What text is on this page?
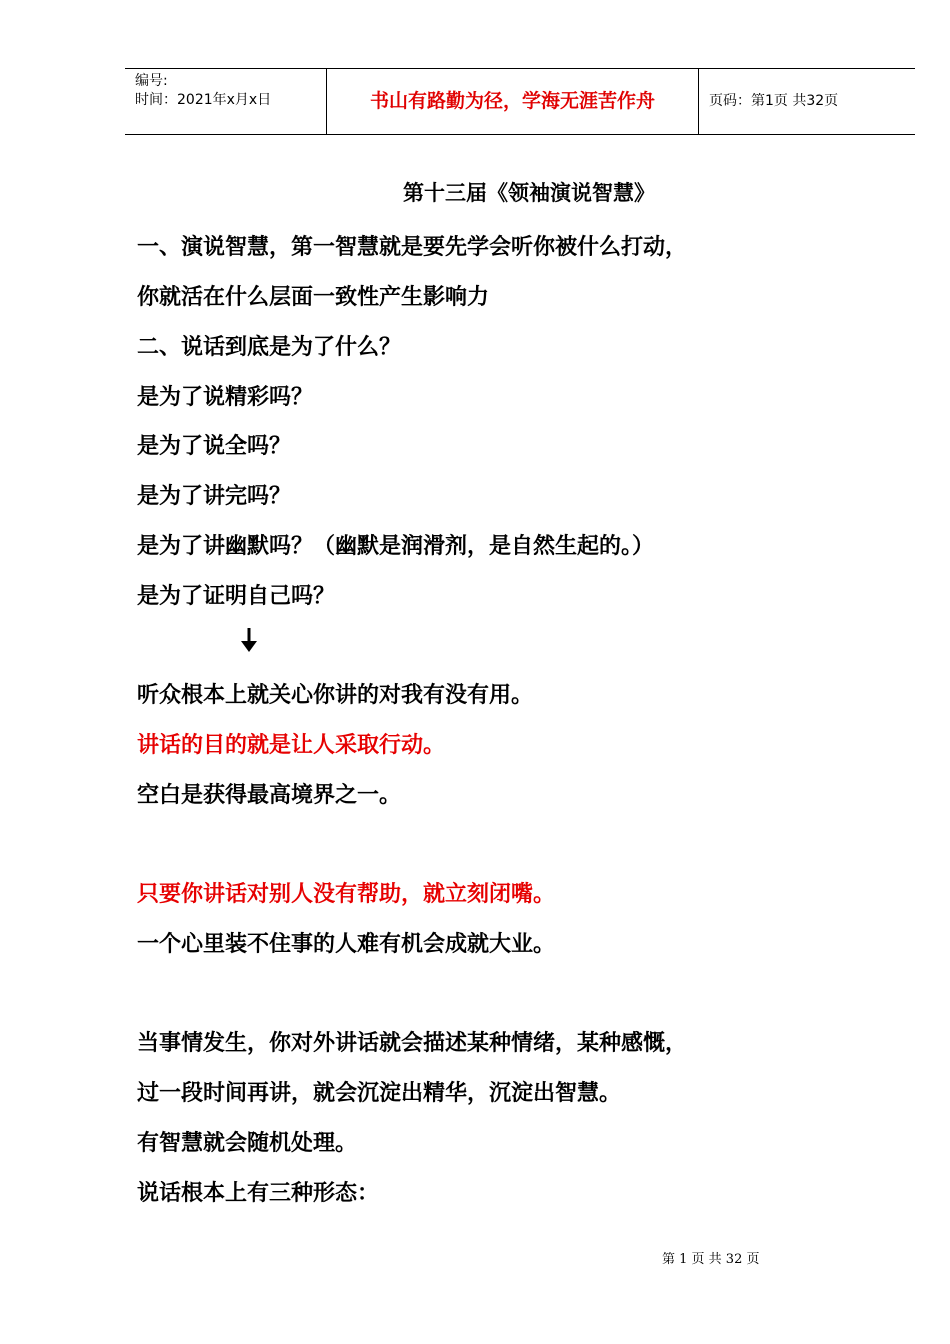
编号:
时间：2021年x月x日	书山有路勤为径，学海无涯苦作舟	页码：第1页 共32页
第十三届《领袖演说智慧》
一、演说智慧，第一智慧就是要先学会听你被什么打动，
你就活在什么层面一致性产生影响力
二、说话到底是为了什么？
是为了说精彩吗？
是为了说全吗？
是为了讲完吗？
是为了讲幽默吗？（幽默是润滑剂，是自然生起的。）
是为了证明自己吗？
听众根本上就关心你讲的对我有没有用。
讲话的目的就是让人采取行动。
空白是获得最高境界之一。
只要你讲话对别人没有帮助，就立刻闭嘴。
一个心里装不住事的人难有机会成就大业。
当事情发生，你对外讲话就会描述某种情绪，某种感慨，
过一段时间再讲，就会沉淀出精华，沉淀出智慧。
有智慧就会随机处理。
说话根本上有三种形态：
第 1 页 共 32 页
